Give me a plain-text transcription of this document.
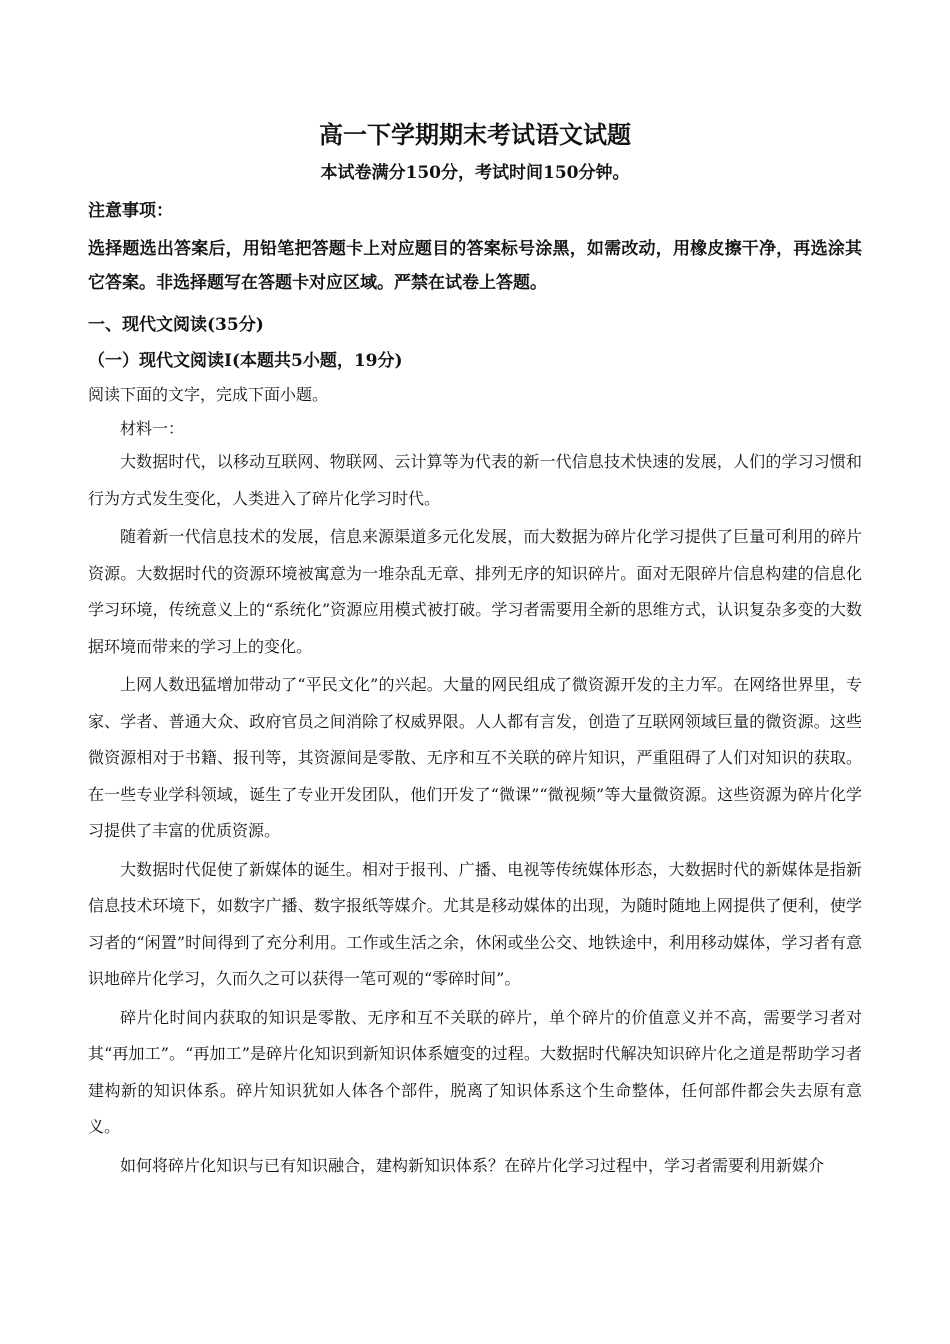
高一下学期期末考试语文试题

本试卷满分150分，考试时间150分钟。

注意事项：

选择题选出答案后，用铅笔把答题卡上对应题目的答案标号涂黑，如需改动，用橡皮擦干净，再选涂其它答案。非选择题写在答题卡对应区域。严禁在试卷上答题。

一、现代文阅读(35分)

（一）现代文阅读I(本题共5小题，19分)

阅读下面的文字，完成下面小题。

材料一：

大数据时代，以移动互联网、物联网、云计算等为代表的新一代信息技术快速的发展，人们的学习习惯和行为方式发生变化，人类进入了碎片化学习时代。

随着新一代信息技术的发展，信息来源渠道多元化发展，而大数据为碎片化学习提供了巨量可利用的碎片资源。大数据时代的资源环境被寓意为一堆杂乱无章、排列无序的知识碎片。面对无限碎片信息构建的信息化学习环境，传统意义上的“系统化”资源应用模式被打破。学习者需要用全新的思维方式，认识复杂多变的大数据环境而带来的学习上的变化。

上网人数迅猛增加带动了“平民文化”的兴起。大量的网民组成了微资源开发的主力军。在网络世界里，专家、学者、普通大众、政府官员之间消除了权威界限。人人都有言发，创造了互联网领域巨量的微资源。这些微资源相对于书籍、报刊等，其资源间是零散、无序和互不关联的碎片知识，严重阻碍了人们对知识的获取。在一些专业学科领域，诞生了专业开发团队，他们开发了“微课”“微视频”等大量微资源。这些资源为碎片化学习提供了丰富的优质资源。

大数据时代促使了新媒体的诞生。相对于报刊、广播、电视等传统媒体形态，大数据时代的新媒体是指新信息技术环境下，如数字广播、数字报纸等媒介。尤其是移动媒体的出现，为随时随地上网提供了便利，使学习者的“闲置”时间得到了充分利用。工作或生活之余，休闲或坐公交、地铁途中，利用移动媒体，学习者有意识地碎片化学习，久而久之可以获得一笔可观的“零碎时间”。

碎片化时间内获取的知识是零散、无序和互不关联的碎片，单个碎片的价值意义并不高，需要学习者对其“再加工”。“再加工”是碎片化知识到新知识体系嬗变的过程。大数据时代解决知识碎片化之道是帮助学习者建构新的知识体系。碎片知识犹如人体各个部件，脱离了知识体系这个生命整体，任何部件都会失去原有意义。

如何将碎片化知识与已有知识融合，建构新知识体系？在碎片化学习过程中，学习者需要利用新媒介
